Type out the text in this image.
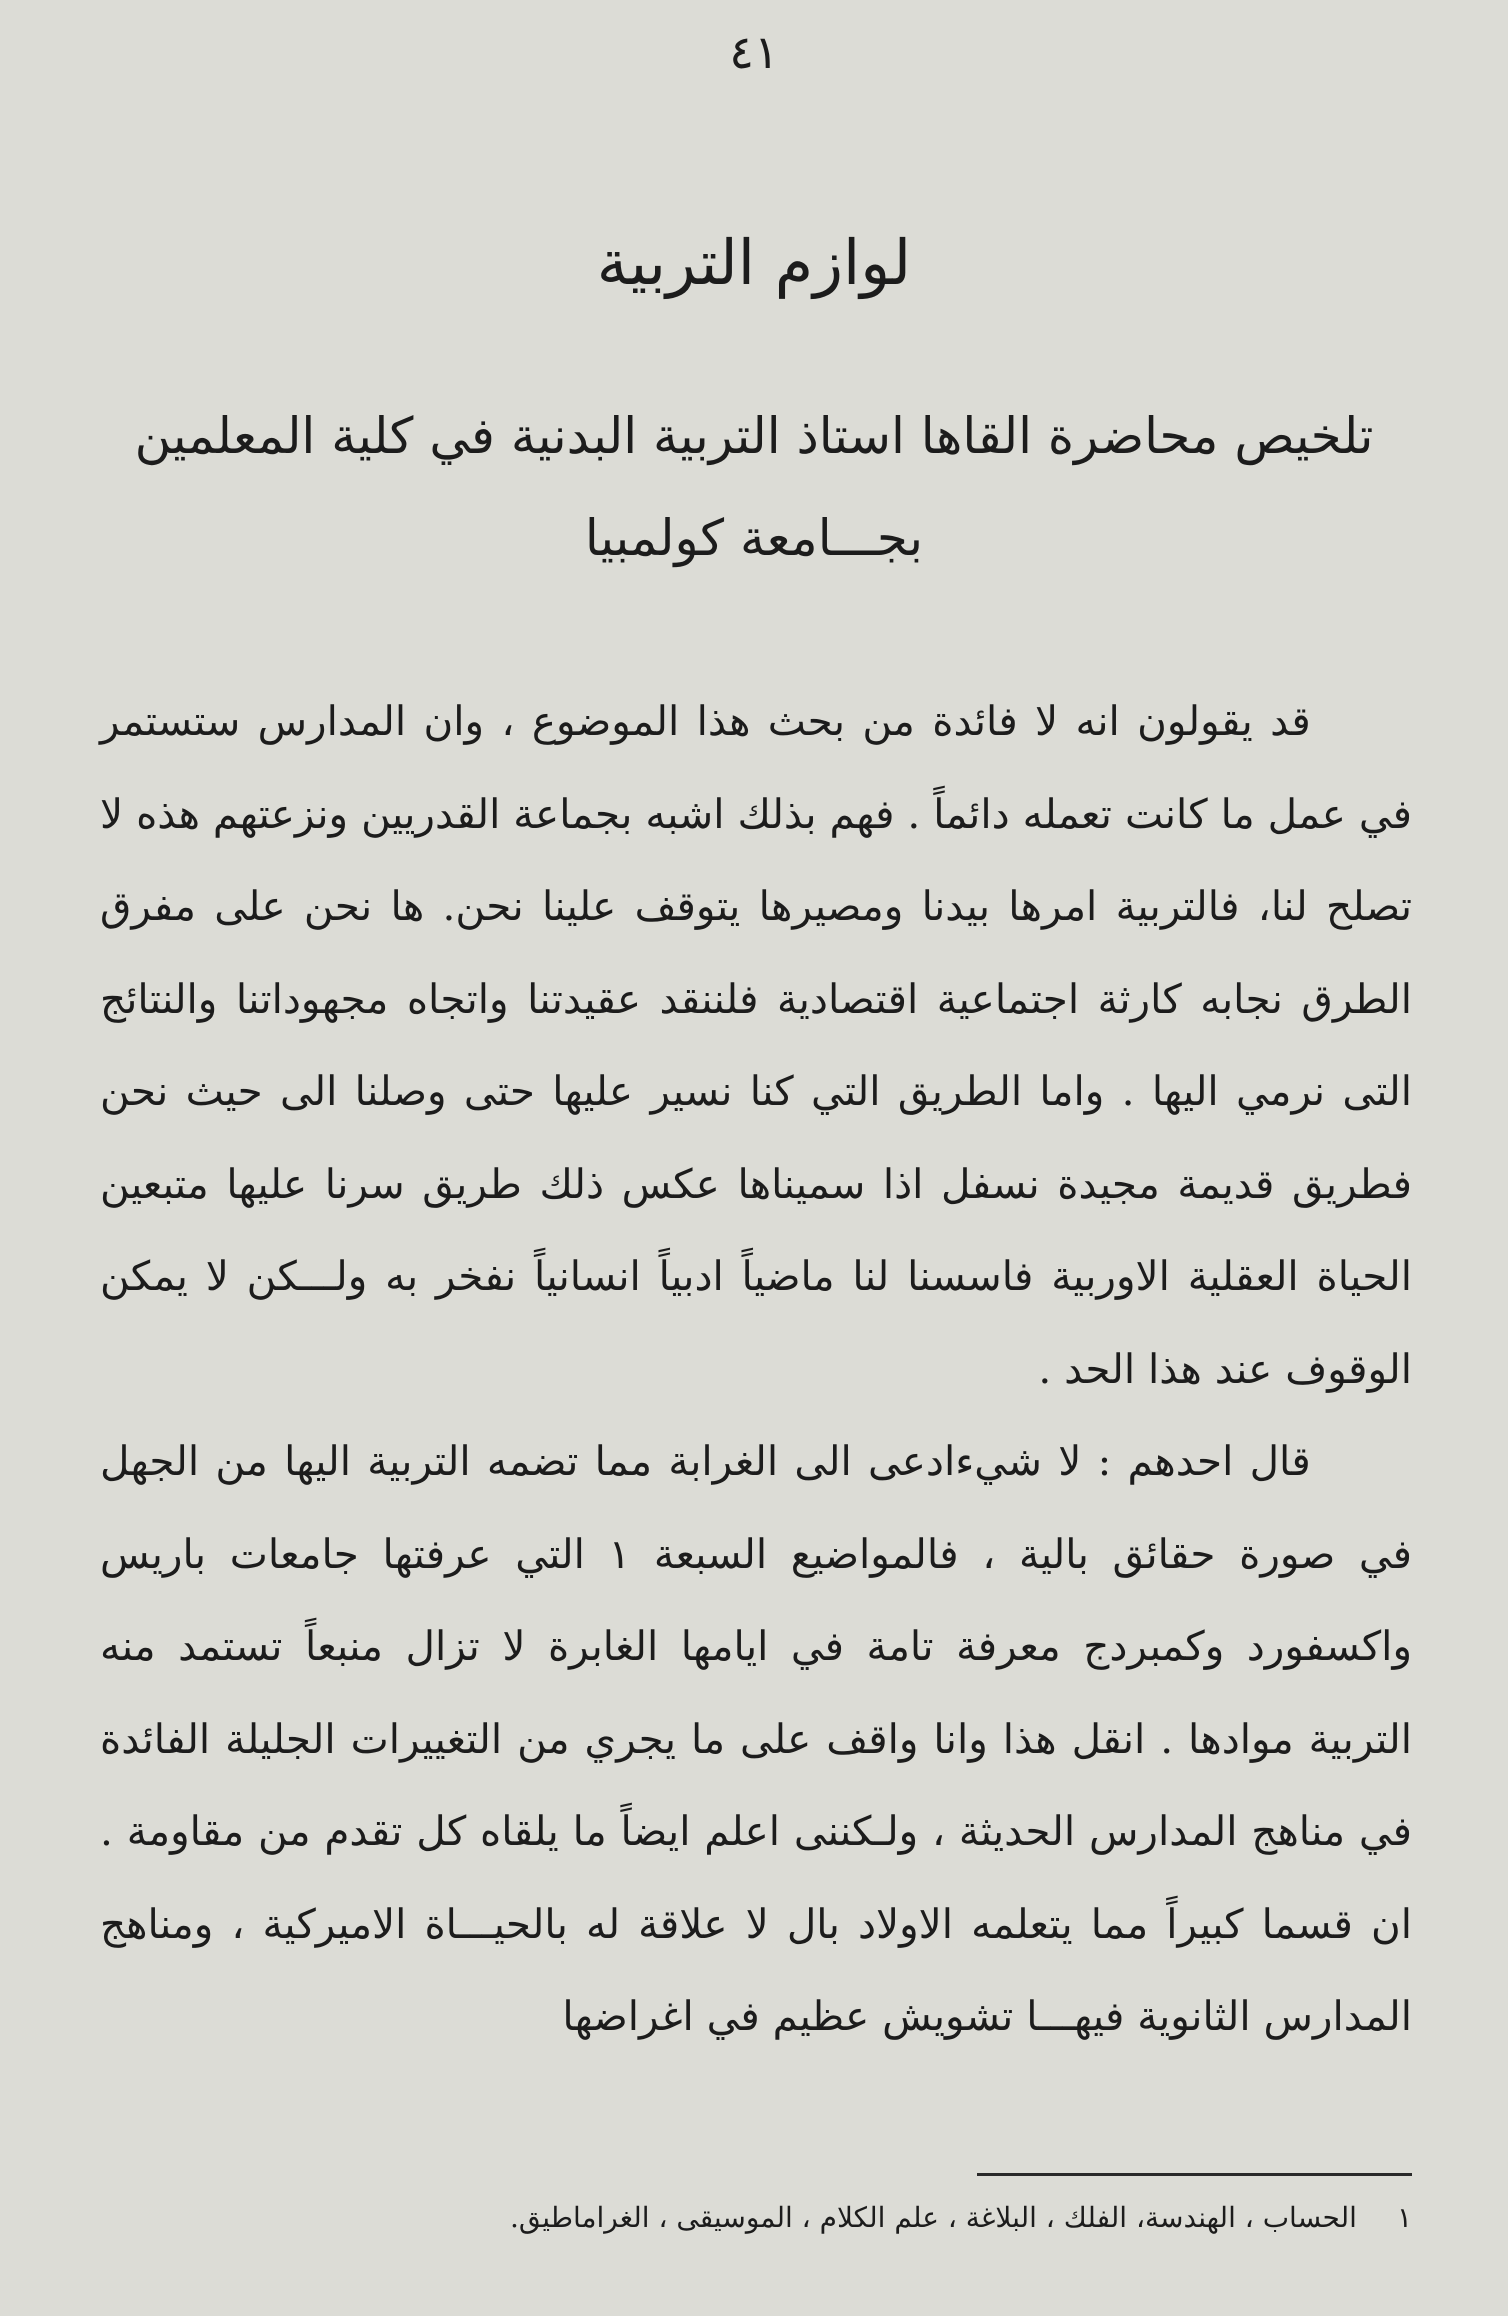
٤١
لوازم التربية
تلخيص محاضرة القاها استاذ التربية البدنية في كلية المعلمين بجـــامعة كولمبيا

قد يقولون انه لا فائدة من بحث هذا الموضوع ، وان المدارس ستستمر في عمل ما كانت تعمله دائماً . فهم بذلك اشبه بجماعة القدريين ونزعتهم هذه لا تصلح لنا، فالتربية امرها بيدنا ومصيرها يتوقف علينا نحن. ها نحن على مفرق الطرق نجابه كارثة اجتماعية اقتصادية فلننقد عقيدتنا واتجاه مجهوداتنا والنتائج التى نرمي اليها . واما الطريق التي كنا نسير عليها حتى وصلنا الى حيث نحن فطريق قديمة مجيدة نسفل اذا سميناها عكس ذلك طريق سرنا عليها متبعين الحياة العقلية الاوربية فاسسنا لنا ماضياً ادبياً انسانياً نفخر به ولـــكن لا يمكن الوقوف عند هذا الحد .

قال احدهم : لا شيءادعى الى الغرابة مما تضمه التربية اليها من الجهل في صورة حقائق بالية ، فالمواضيع السبعة ١ التي عرفتها جامعات باريس واكسفورد وكمبردج معرفة تامة في ايامها الغابرة لا تزال منبعاً تستمد منه التربية موادها . انقل هذا وانا واقف على ما يجري من التغييرات الجليلة الفائدة في مناهج المدارس الحديثة ، ولـكننى اعلم ايضاً ما يلقاه كل تقدم من مقاومة . ان قسما كبيراً مما يتعلمه الاولاد بال لا علاقة له بالحيـــاة الاميركية ، ومناهج المدارس الثانوية فيهـــا تشويش عظيم في اغراضها

١الحساب ، الهندسة، الفلك ، البلاغة ، علم الكلام ، الموسيقى ، الغراماطيق.
